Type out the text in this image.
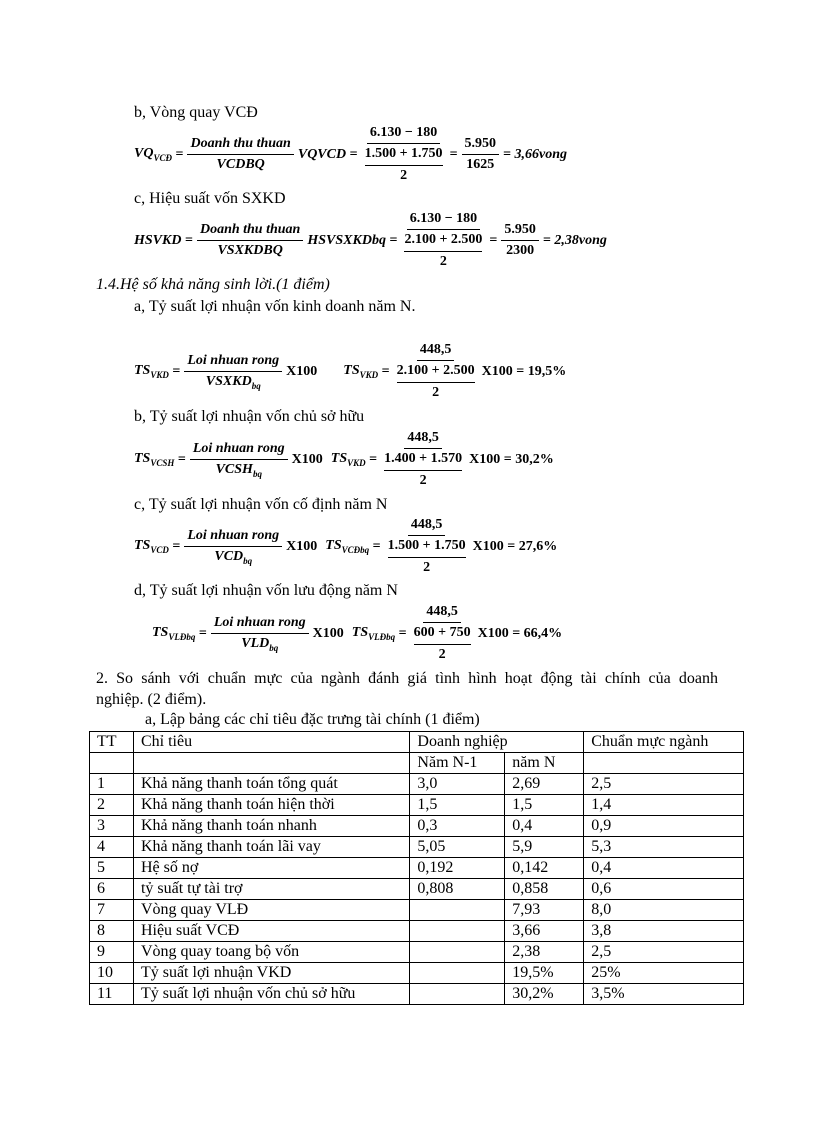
b, Vòng quay VCĐ
$VQ_{VCĐ} = \frac{\text{Doanh thu thuan}}{\text{VCDBQ}}$ VQVCD = 6.130 − 180
1.500 + 1.750
$2 = \frac{5.950}{1625}$ = 3,66vong
c, Hiệu suất vốn SXKD
HSVKD = $\frac{\text{Doanh thu thuan}}{\text{VSXKDBQ}}$ HSVSXKDbq = 6.130 − 180
2.100 + 2.500
$2 = \frac{5.950}{2300}$ = 2,38vong
1.4.Hệ số khả năng sinh lời.(1 điểm)
a, Tỷ suất lợi nhuận vốn kinh doanh năm N.
$TS_{VKD} = \frac{\text{Loi nhuan rong}}{VSXKD_{bq}} X100$ $TS_{VKD} = 448,5$
2.100 + 2.500
2 X100 = 19,5%
b, Tỷ suất lợi nhuận vốn chủ sở hữu
$TS_{VCSH} = \frac{\text{Loi nhuan rong}}{VCSH_{bq}} X100$ $TS_{VKD} = 448,5$
1.400 + 1.570
2 X100 = 30,2%
c, Tỷ suất lợi nhuận vốn cố định năm N
$TS_{VCD} = \frac{\text{Loi nhuan rong}}{VCD_{bq}} X100$ $TS_{VCĐbq} = 448,5$
1.500 + 1.750
2 X100 = 27,6%
d, Tỷ suất lợi nhuận vốn lưu động năm N
$TS_{VLĐbq} = \frac{\text{Loi nhuan rong}}{VLD_{bq}} X100$ $TS_{VLĐbq} = 448,5$
600 + 750
2 X100 = 66,4%
2. So sánh với chuẩn mực của ngành đánh giá tình hình hoạt động tài chính của doanh
nghiệp. (2 điểm).
a, Lập bảng các chỉ tiêu đặc trưng tài chính (1 điểm)
TT	Chỉ tiêu	Doanh nghiệp		Chuẩn mực ngành
		Năm N-1	năm N	
1	Khả năng thanh toán tổng quát	3,0	2,69	2,5
2	Khả năng thanh toán hiện thời	1,5	1,5	1,4
3	Khả năng thanh toán nhanh	0,3	0,4	0,9
4	Khả năng thanh toán lãi vay	5,05	5,9	5,3
5	Hệ số nợ	0,192	0,142	0,4
6	tỷ suất tự tài trợ	0,808	0,858	0,6
7	Vòng quay VLĐ		7,93	8,0
8	Hiệu suất VCĐ		3,66	3,8
9	Vòng quay toang bộ vốn		2,38	2,5
10	Tỷ suất lợi nhuận VKD		19,5%	25%
11	Tỷ suất lợi nhuận vốn chủ sở hữu		30,2%	3,5%
